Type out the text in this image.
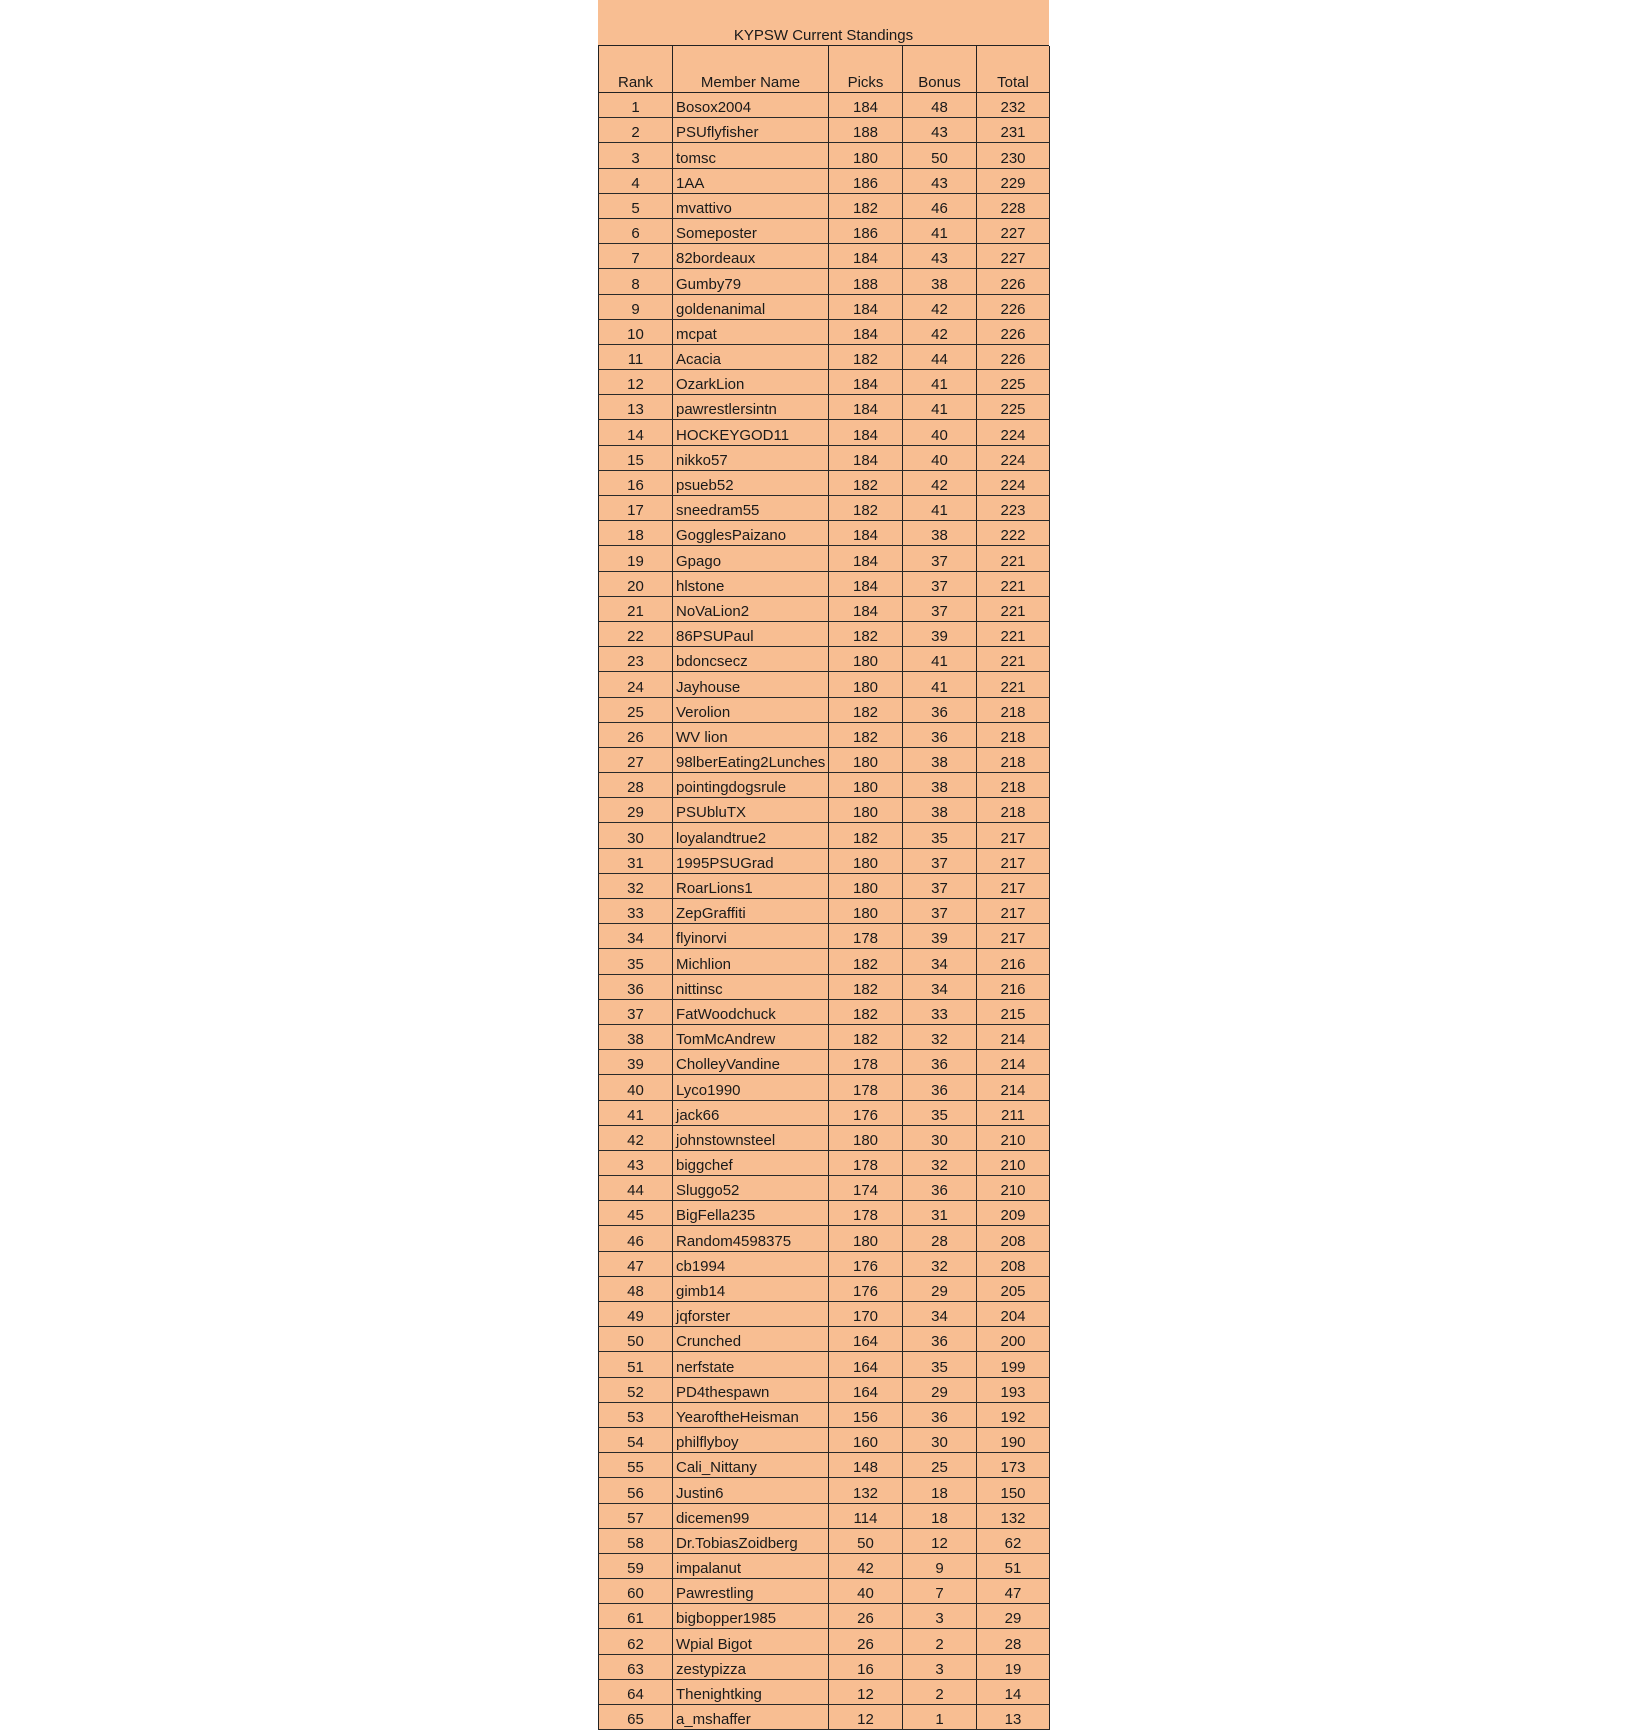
KYPSW Current Standings
Rank	Member Name	Picks	Bonus	Total
1	Bosox2004	184	48	232
2	PSUflyfisher	188	43	231
3	tomsc	180	50	230
4	1AA	186	43	229
5	mvattivo	182	46	228
6	Someposter	186	41	227
7	82bordeaux	184	43	227
8	Gumby79	188	38	226
9	goldenanimal	184	42	226
10	mcpat	184	42	226
11	Acacia	182	44	226
12	OzarkLion	184	41	225
13	pawrestlersintn	184	41	225
14	HOCKEYGOD11	184	40	224
15	nikko57	184	40	224
16	psueb52	182	42	224
17	sneedram55	182	41	223
18	GogglesPaizano	184	38	222
19	Gpago	184	37	221
20	hlstone	184	37	221
21	NoVaLion2	184	37	221
22	86PSUPaul	182	39	221
23	bdoncsecz	180	41	221
24	Jayhouse	180	41	221
25	Verolion	182	36	218
26	WV lion	182	36	218
27	98lberEating2Lunches	180	38	218
28	pointingdogsrule	180	38	218
29	PSUbluTX	180	38	218
30	loyalandtrue2	182	35	217
31	1995PSUGrad	180	37	217
32	RoarLions1	180	37	217
33	ZepGraffiti	180	37	217
34	flyinorvi	178	39	217
35	Michlion	182	34	216
36	nittinsc	182	34	216
37	FatWoodchuck	182	33	215
38	TomMcAndrew	182	32	214
39	CholleyVandine	178	36	214
40	Lyco1990	178	36	214
41	jack66	176	35	211
42	johnstownsteel	180	30	210
43	biggchef	178	32	210
44	Sluggo52	174	36	210
45	BigFella235	178	31	209
46	Random4598375	180	28	208
47	cb1994	176	32	208
48	gimb14	176	29	205
49	jqforster	170	34	204
50	Crunched	164	36	200
51	nerfstate	164	35	199
52	PD4thespawn	164	29	193
53	YearoftheHeisman	156	36	192
54	philflyboy	160	30	190
55	Cali_Nittany	148	25	173
56	Justin6	132	18	150
57	dicemen99	114	18	132
58	Dr.TobiasZoidberg	50	12	62
59	impalanut	42	9	51
60	Pawrestling	40	7	47
61	bigbopper1985	26	3	29
62	Wpial Bigot	26	2	28
63	zestypizza	16	3	19
64	Thenightking	12	2	14
65	a_mshaffer	12	1	13
